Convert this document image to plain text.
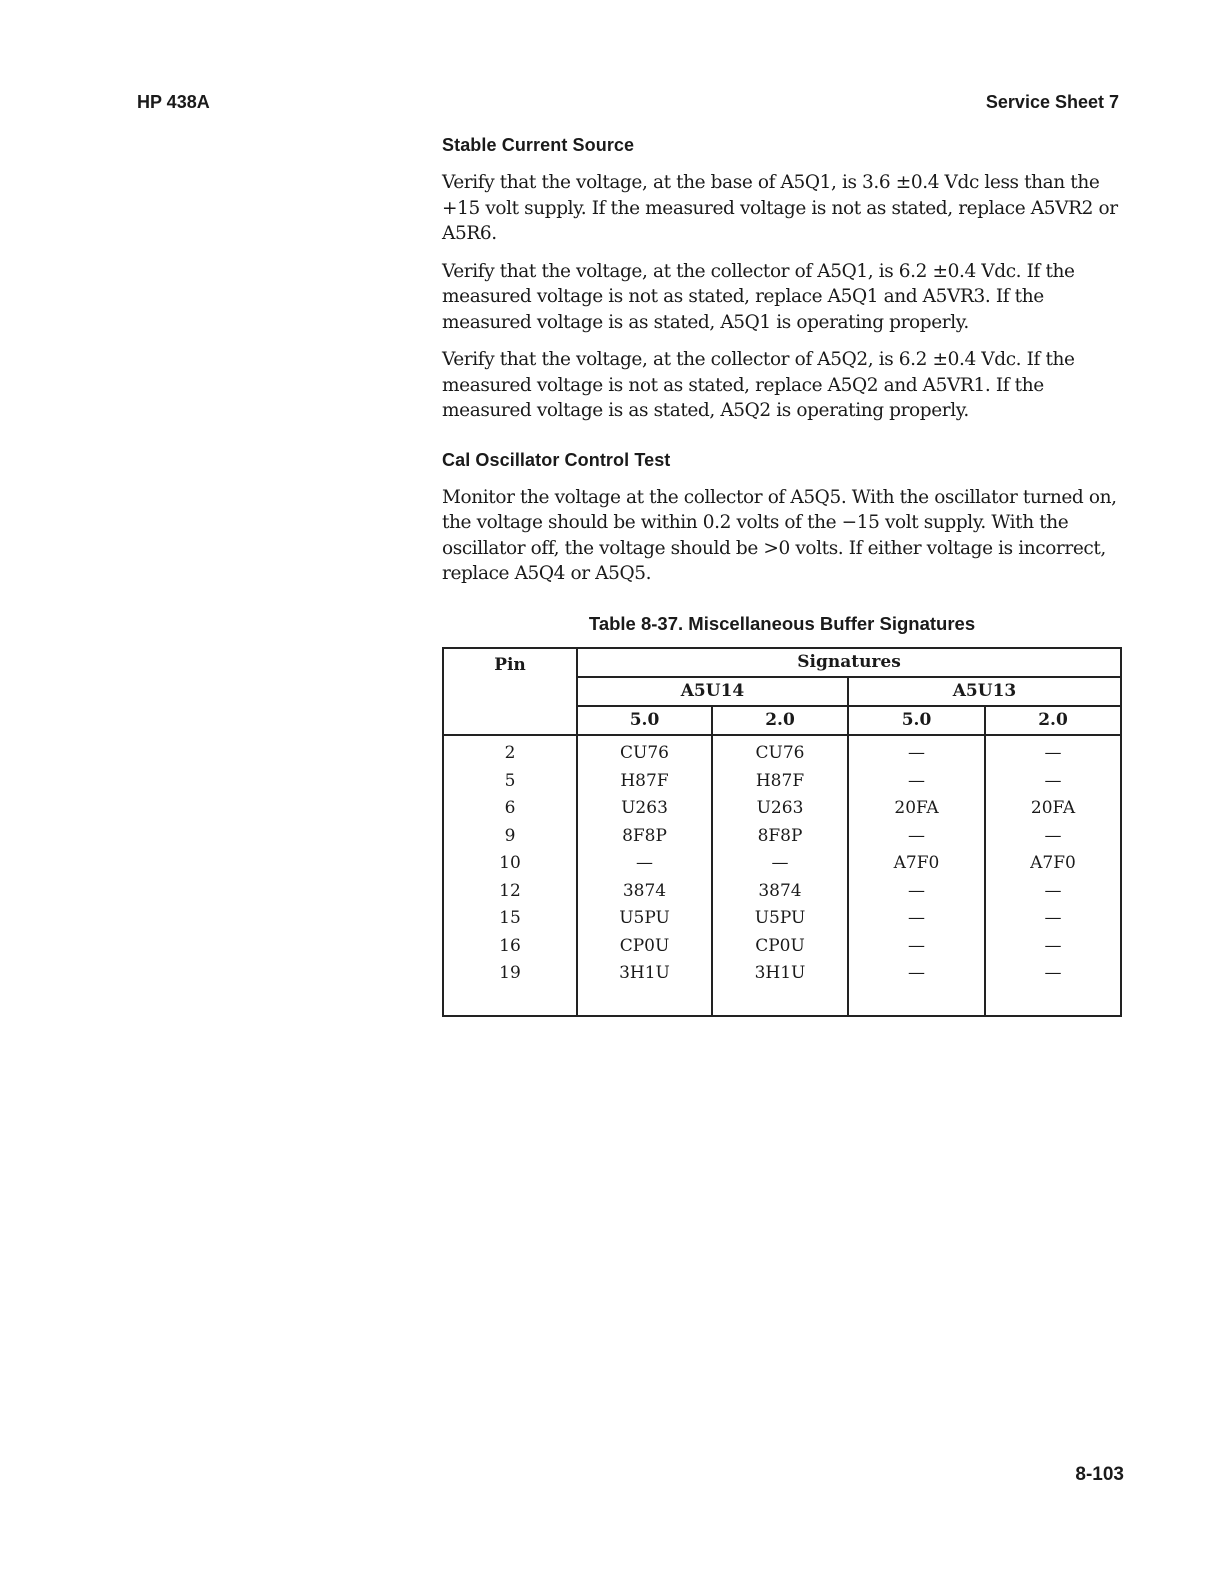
HP 438A	Service Sheet 7
Stable Current Source

Verify that the voltage, at the base of A5Q1, is 3.6 ±0.4 Vdc less than the +15 volt supply. If the measured voltage is not as stated, replace A5VR2 or A5R6.

Verify that the voltage, at the collector of A5Q1, is 6.2 ±0.4 Vdc. If the measured voltage is not as stated, replace A5Q1 and A5VR3. If the measured voltage is as stated, A5Q1 is operating properly.

Verify that the voltage, at the collector of A5Q2, is 6.2 ±0.4 Vdc. If the measured voltage is not as stated, replace A5Q2 and A5VR1. If the measured voltage is as stated, A5Q2 is operating properly.

Cal Oscillator Control Test

Monitor the voltage at the collector of A5Q5. With the oscillator turned on, the voltage should be within 0.2 volts of the −15 volt supply. With the oscillator off, the voltage should be >0 volts. If either voltage is incorrect, replace A5Q4 or A5Q5.

Table 8-37. Miscellaneous Buffer Signatures
Pin	Signatures			
	A5U14		A5U13	
	5.0	2.0	5.0	2.0
2	CU76	CU76	—	—
5	H87F	H87F	—	—
6	U263	U263	20FA	20FA
9	8F8P	8F8P	—	—
10	—	—	A7F0	A7F0
12	3874	3874	—	—
15	U5PU	U5PU	—	—
16	CP0U	CP0U	—	—
19	3H1U	3H1U	—	—

8-103
